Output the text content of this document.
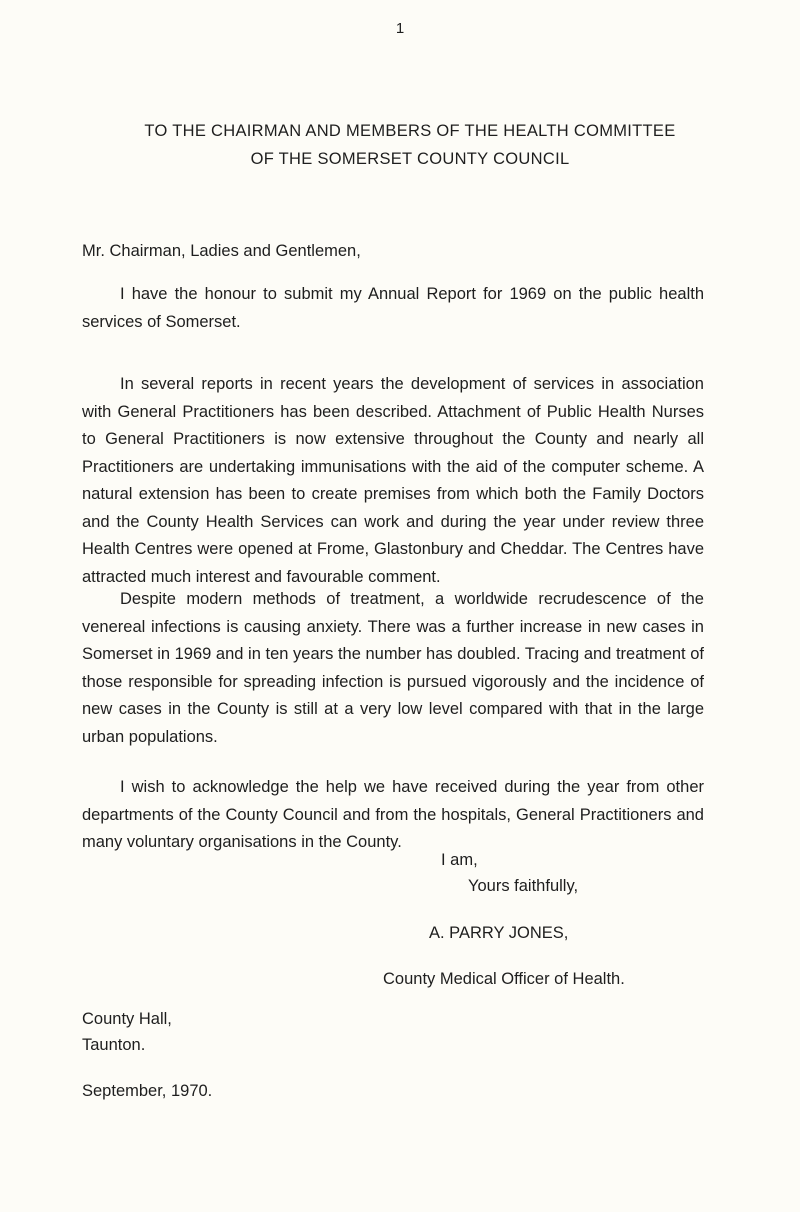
1
TO THE CHAIRMAN AND MEMBERS OF THE HEALTH COMMITTEE
OF THE SOMERSET COUNTY COUNCIL
Mr. Chairman, Ladies and Gentlemen,

I have the honour to submit my Annual Report for 1969 on the public health services of Somerset.

In several reports in recent years the development of services in association with General Practitioners has been described. Attachment of Public Health Nurses to General Practitioners is now extensive throughout the County and nearly all Practitioners are undertaking immunisations with the aid of the computer scheme. A natural extension has been to create premises from which both the Family Doctors and the County Health Services can work and during the year under review three Health Centres were opened at Frome, Glastonbury and Cheddar. The Centres have attracted much interest and favourable comment.

Despite modern methods of treatment, a worldwide recrudescence of the venereal infections is causing anxiety. There was a further increase in new cases in Somerset in 1969 and in ten years the number has doubled. Tracing and treatment of those responsible for spreading infection is pursued vigorously and the incidence of new cases in the County is still at a very low level compared with that in the large urban populations.

I wish to acknowledge the help we have received during the year from other departments of the County Council and from the hospitals, General Practitioners and many voluntary organisations in the County.

I am,
Yours faithfully,
A. PARRY JONES,
County Medical Officer of Health.
County Hall,
Taunton.
September, 1970.
